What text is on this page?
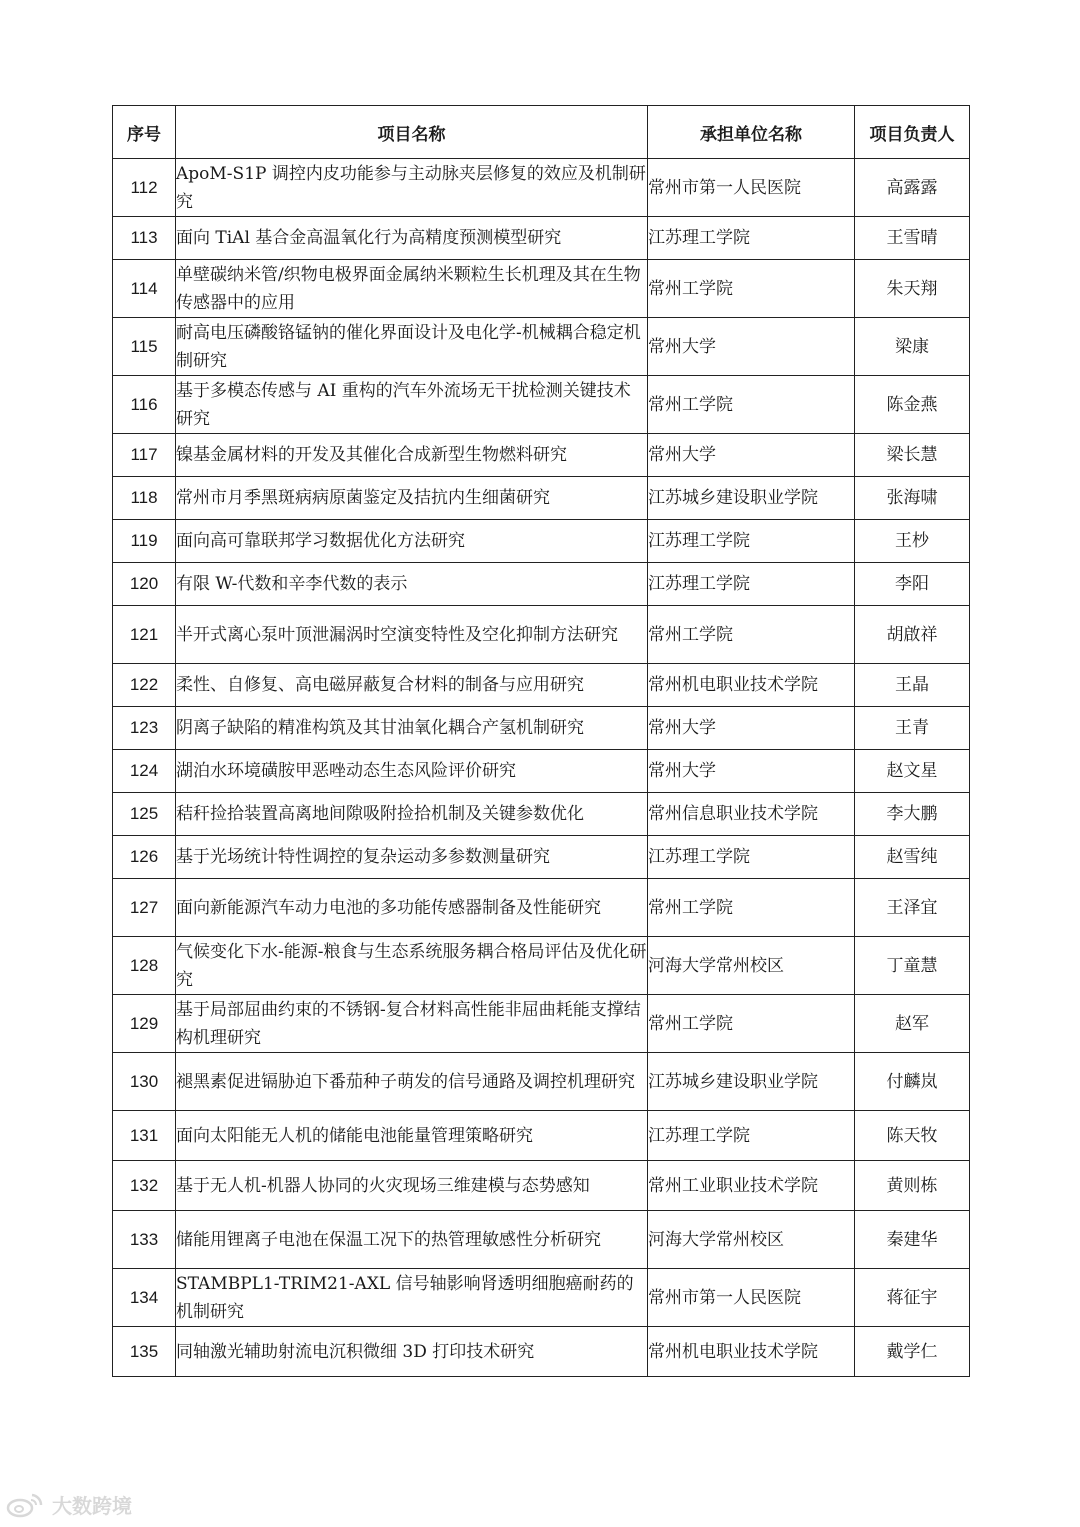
序号	项目名称	承担单位名称	项目负责人
112	ApoM-S1P 调控内皮功能参与主动脉夹层修复的效应及机制研究	常州市第一人民医院	高露露
113	面向 TiAl 基合金高温氧化行为高精度预测模型研究	江苏理工学院	王雪晴
114	单壁碳纳米管/织物电极界面金属纳米颗粒生长机理及其在生物传感器中的应用	常州工学院	朱天翔
115	耐高电压磷酸铬锰钠的催化界面设计及电化学-机械耦合稳定机制研究	常州大学	梁康
116	基于多模态传感与 AI 重构的汽车外流场无干扰检测关键技术研究	常州工学院	陈金燕
117	镍基金属材料的开发及其催化合成新型生物燃料研究	常州大学	梁长慧
118	常州市月季黑斑病病原菌鉴定及拮抗内生细菌研究	江苏城乡建设职业学院	张海啸
119	面向高可靠联邦学习数据优化方法研究	江苏理工学院	王杪
120	有限 W-代数和辛李代数的表示	江苏理工学院	李阳
121	半开式离心泵叶顶泄漏涡时空演变特性及空化抑制方法研究	常州工学院	胡啟祥
122	柔性、自修复、高电磁屏蔽复合材料的制备与应用研究	常州机电职业技术学院	王晶
123	阴离子缺陷的精准构筑及其甘油氧化耦合产氢机制研究	常州大学	王青
124	湖泊水环境磺胺甲恶唑动态生态风险评价研究	常州大学	赵文星
125	秸秆捡拾装置高离地间隙吸附捡拾机制及关键参数优化	常州信息职业技术学院	李大鹏
126	基于光场统计特性调控的复杂运动多参数测量研究	江苏理工学院	赵雪纯
127	面向新能源汽车动力电池的多功能传感器制备及性能研究	常州工学院	王泽宜
128	气候变化下水-能源-粮食与生态系统服务耦合格局评估及优化研究	河海大学常州校区	丁童慧
129	基于局部屈曲约束的不锈钢-复合材料高性能非屈曲耗能支撑结构机理研究	常州工学院	赵军
130	褪黑素促进镉胁迫下番茄种子萌发的信号通路及调控机理研究	江苏城乡建设职业学院	付麟岚
131	面向太阳能无人机的储能电池能量管理策略研究	江苏理工学院	陈天牧
132	基于无人机-机器人协同的火灾现场三维建模与态势感知	常州工业职业技术学院	黄则栋
133	储能用锂离子电池在保温工况下的热管理敏感性分析研究	河海大学常州校区	秦建华
134	STAMBPL1-TRIM21-AXL 信号轴影响肾透明细胞癌耐药的机制研究	常州市第一人民医院	蒋征宇
135	同轴激光辅助射流电沉积微细 3D 打印技术研究	常州机电职业技术学院	戴学仁
大数跨境
